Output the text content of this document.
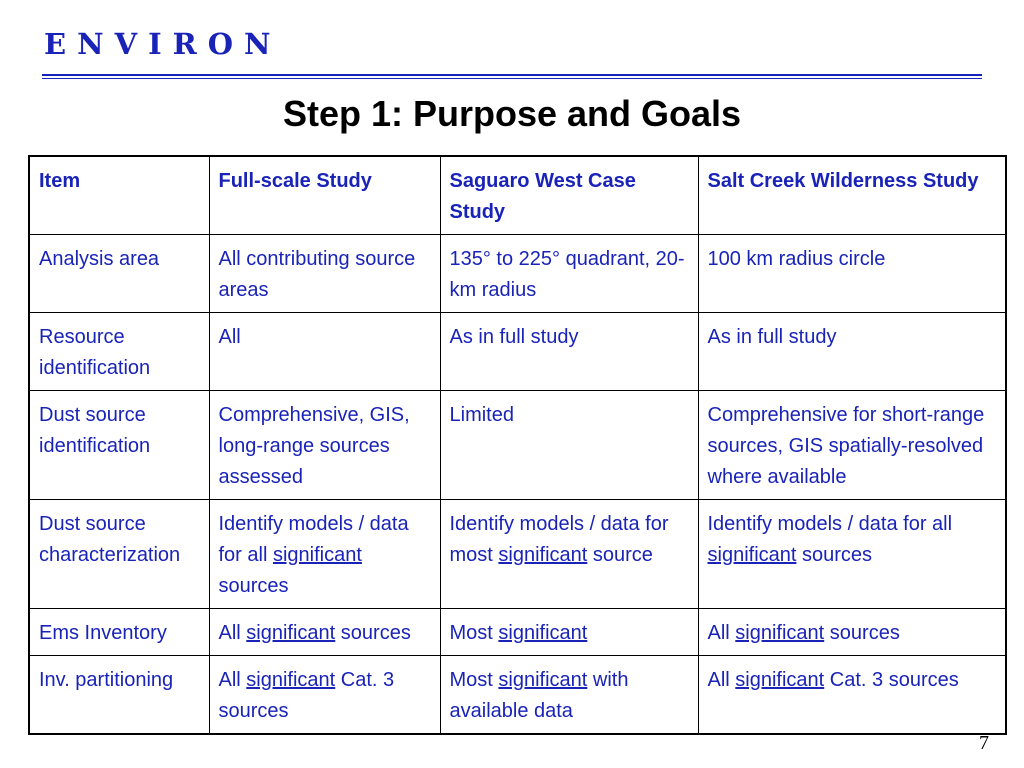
ENVIRON
Step 1: Purpose and Goals
Item	Full-scale Study	Saguaro West Case Study	Salt Creek Wilderness Study
Analysis area	All contributing source areas	135° to 225° quadrant, 20-km radius	100 km radius circle
Resource identification	All	As in full study	As in full study
Dust source identification	Comprehensive, GIS, long-range sources assessed	Limited	Comprehensive for short-range sources, GIS spatially-resolved where available
Dust source characterization	Identify models / data for all significant sources	Identify models / data for most significant source	Identify models / data for all significant sources
Ems Inventory	All significant sources	Most significant	All significant sources
Inv. partitioning	All significant Cat. 3 sources	Most significant with available data	All significant Cat. 3 sources
7
